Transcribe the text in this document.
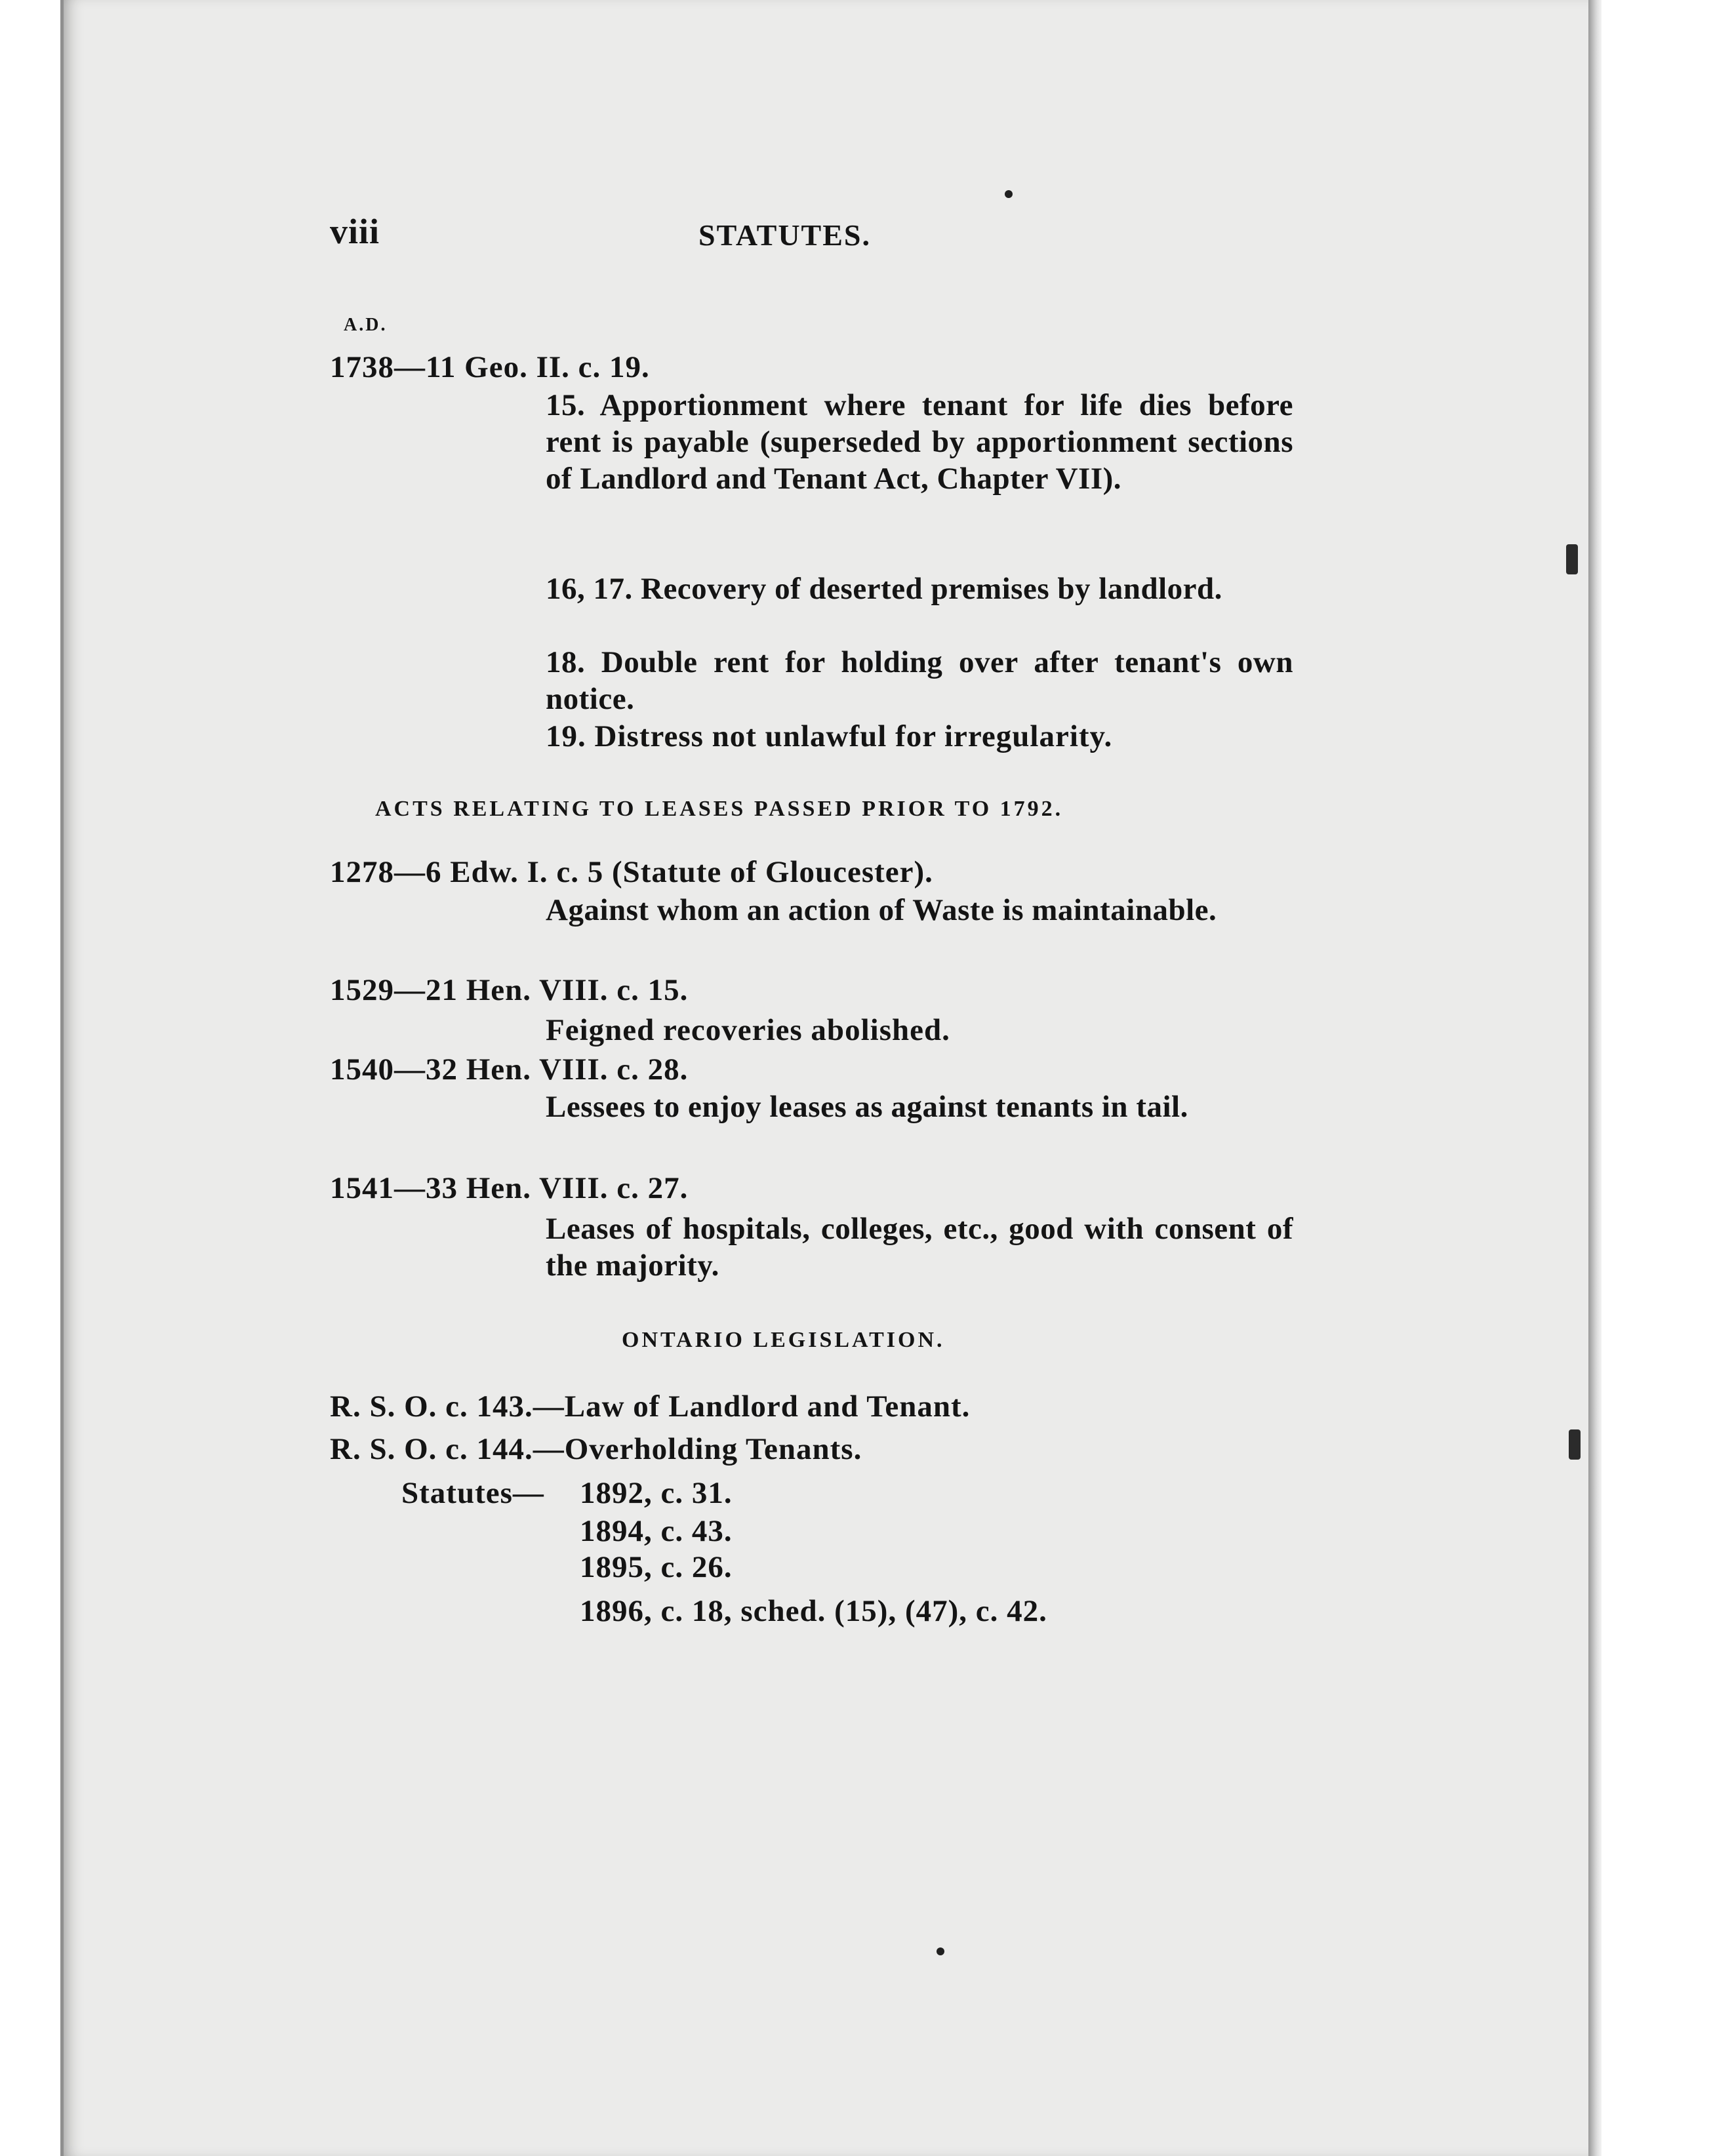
viii	STATUTES.
A.D.
1738—11 Geo. II. c. 19.
15. Apportionment where tenant for life dies before rent is payable (superseded by apportionment sections of Landlord and Tenant Act, Chapter VII).
16, 17. Recovery of deserted premises by landlord.
18. Double rent for holding over after tenant's own notice.
19. Distress not unlawful for irregularity.
ACTS RELATING TO LEASES PASSED PRIOR TO 1792.
1278—6 Edw. I. c. 5 (Statute of Gloucester).
Against whom an action of Waste is maintainable.
1529—21 Hen. VIII. c. 15.
Feigned recoveries abolished.
1540—32 Hen. VIII. c. 28.
Lessees to enjoy leases as against tenants in tail.
1541—33 Hen. VIII. c. 27.
Leases of hospitals, colleges, etc., good with consent of the majority.
ONTARIO LEGISLATION.
R. S. O. c. 143.—Law of Landlord and Tenant.
R. S. O. c. 144.—Overholding Tenants.
Statutes— 1892, c. 31.
1894, c. 43.
1895, c. 26.
1896, c. 18, sched. (15), (47), c. 42.
